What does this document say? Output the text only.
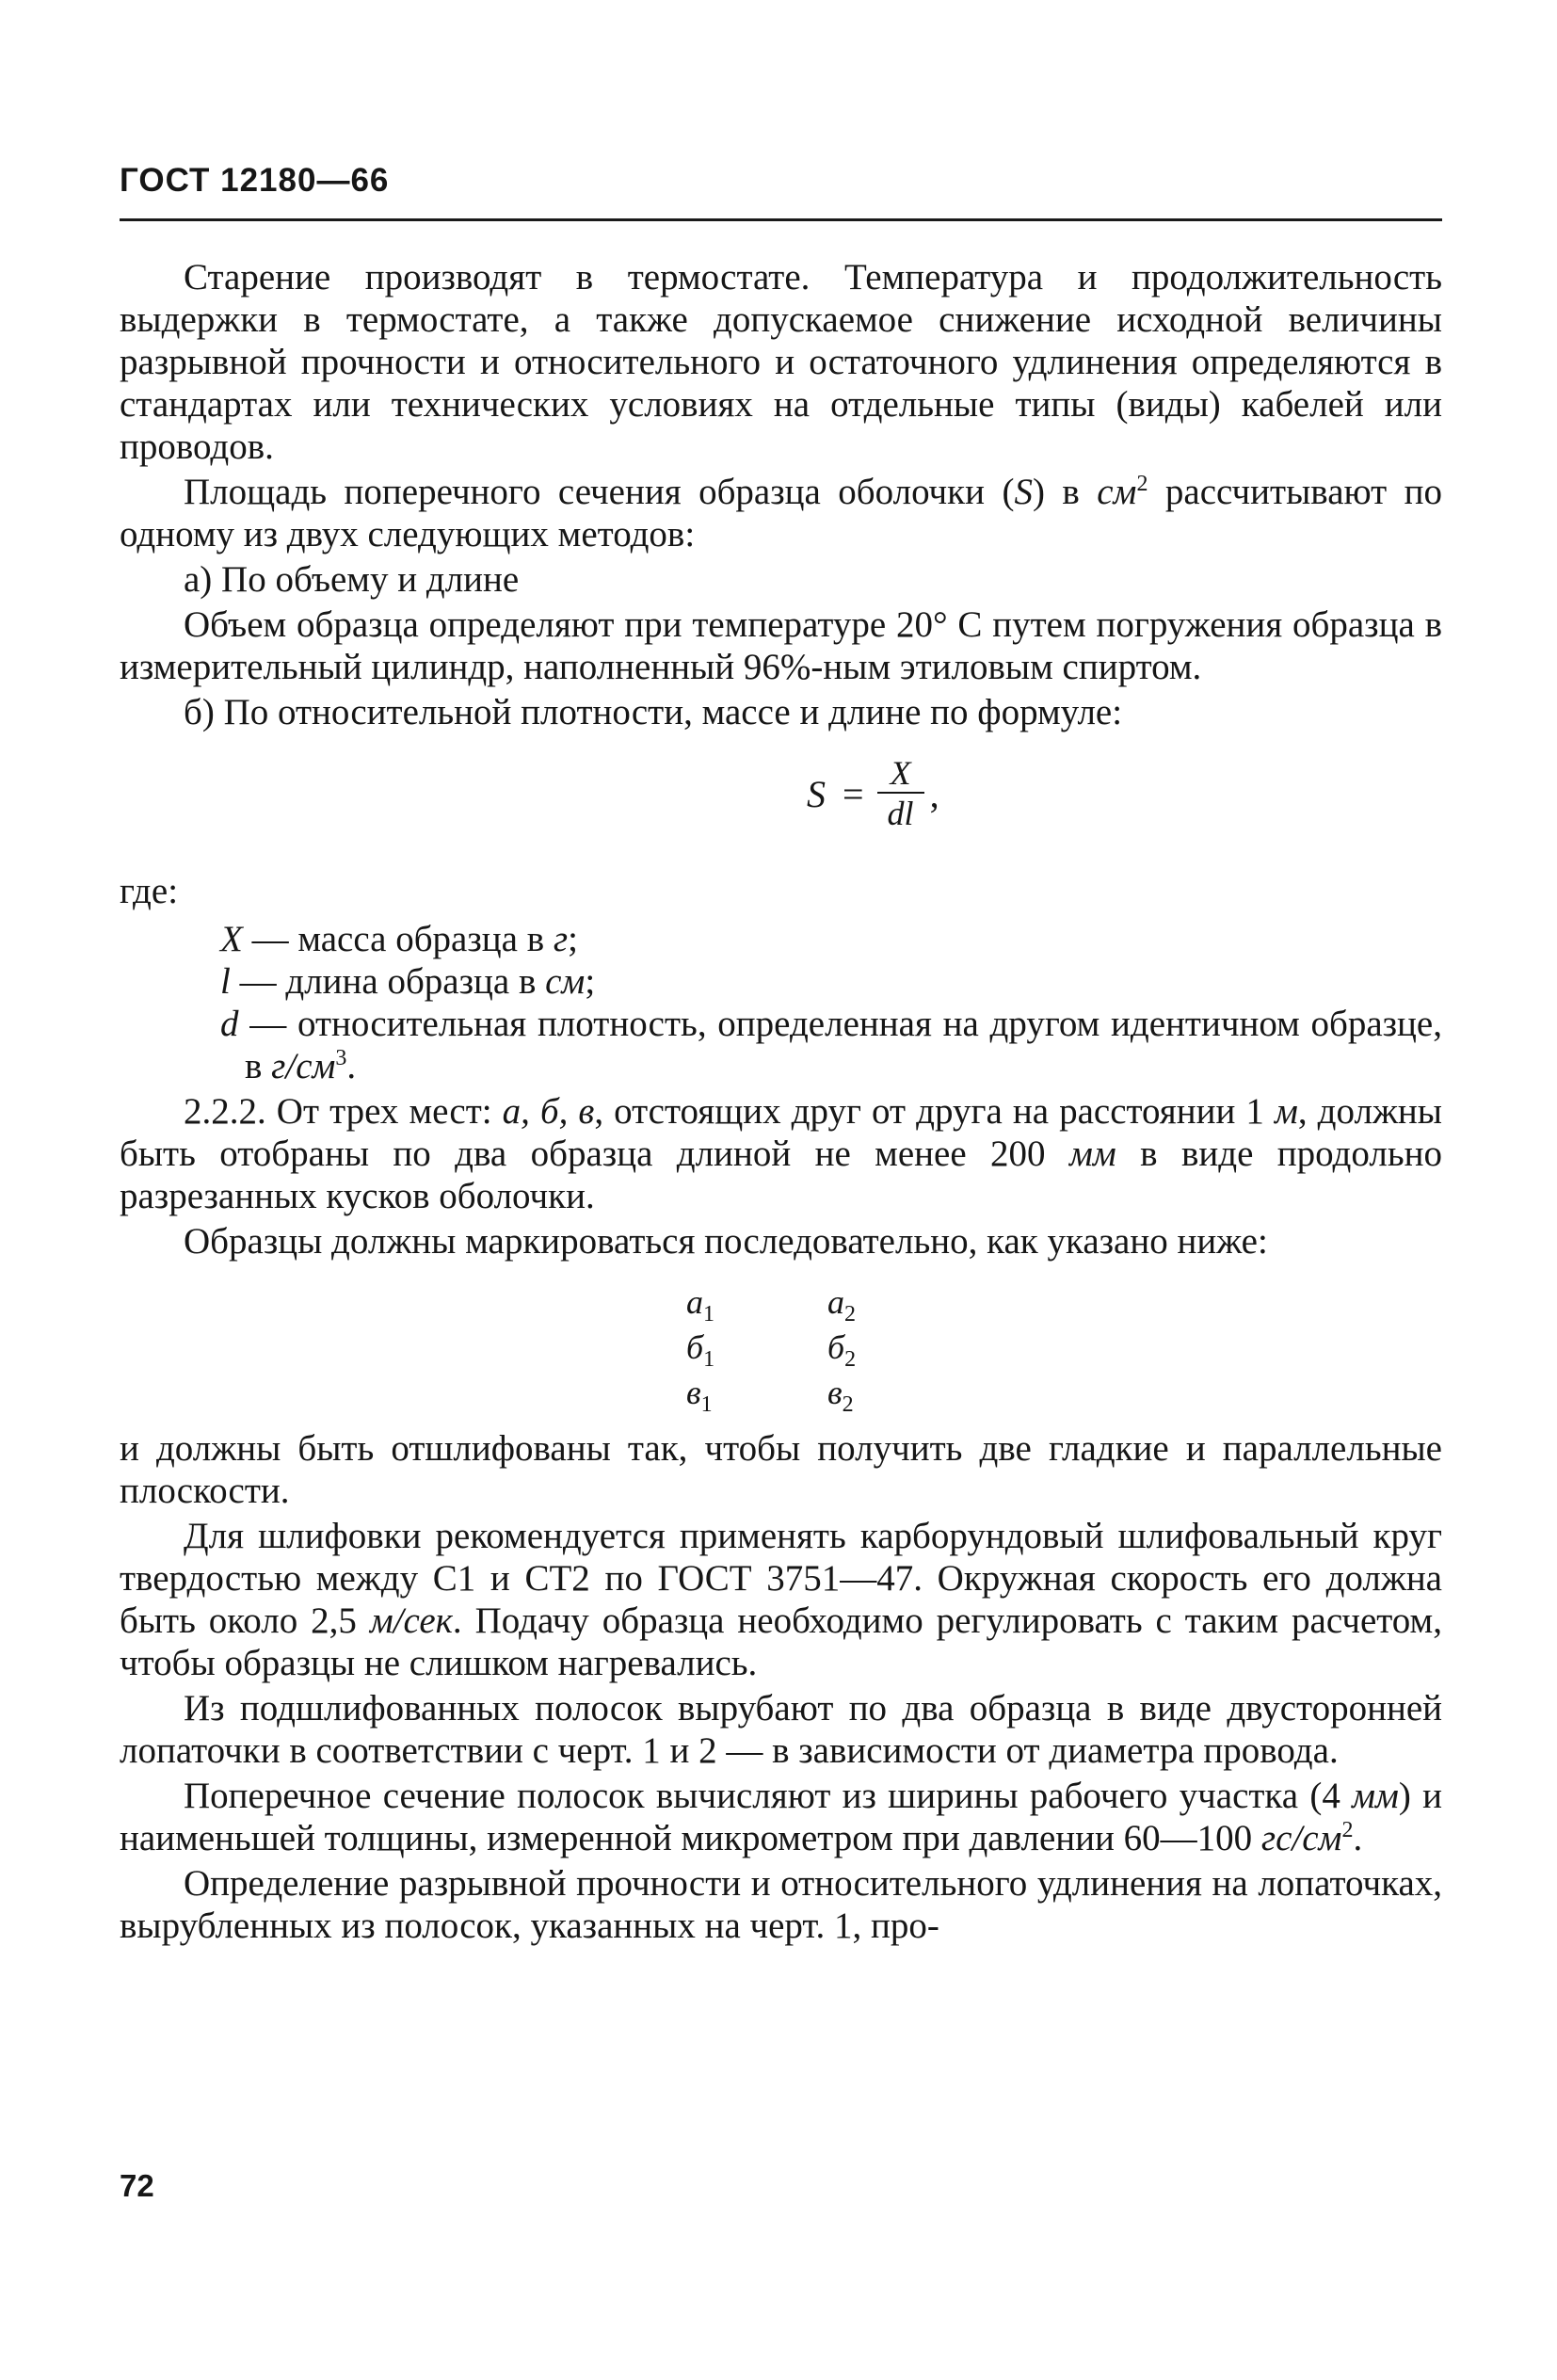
ГОСТ 12180—66

Старение производят в термостате. Температура и продолжительность выдержки в термостате, а также допускаемое снижение исходной величины разрывной прочности и относительного и остаточного удлинения определяются в стандартах или технических условиях на отдельные типы (виды) кабелей или проводов.

Площадь поперечного сечения образца оболочки (S) в $см^2$ рассчитывают по одному из двух следующих методов:

а) По объему и длине

Объем образца определяют при температуре 20° С путем погружения образца в измерительный цилиндр, наполненный 96%-ным этиловым спиртом.

б) По относительной плотности, массе и длине по формуле:

$S = \frac{X}{dl}$ ,

где:

X — масса образца в г;

l — длина образца в см;

d — относительная плотность, определенная на другом идентичном образце, в $г/см^3$.

2.2.2. От трех мест: а, б, в, отстоящих друг от друга на расстоянии 1 м, должны быть отобраны по два образца длиной не менее 200 мм в виде продольно разрезанных кусков оболочки.

Образцы должны маркироваться последовательно, как указано ниже:

$а_1$	$а_2$
$б_1$	$б_2$
$в_1$	$в_2$

и должны быть отшлифованы так, чтобы получить две гладкие и параллельные плоскости.

Для шлифовки рекомендуется применять карборундовый шлифовальный круг твердостью между С1 и СТ2 по ГОСТ 3751—47. Окружная скорость его должна быть около 2,5 м/сек. Подачу образца необходимо регулировать с таким расчетом, чтобы образцы не слишком нагревались.

Из подшлифованных полосок вырубают по два образца в виде двусторонней лопаточки в соответствии с черт. 1 и 2 — в зависимости от диаметра провода.

Поперечное сечение полосок вычисляют из ширины рабочего участка (4 мм) и наименьшей толщины, измеренной микрометром при давлении 60—100 $гс/см^2$.

Определение разрывной прочности и относительного удлинения на лопаточках, вырубленных из полосок, указанных на черт. 1, про-

72
